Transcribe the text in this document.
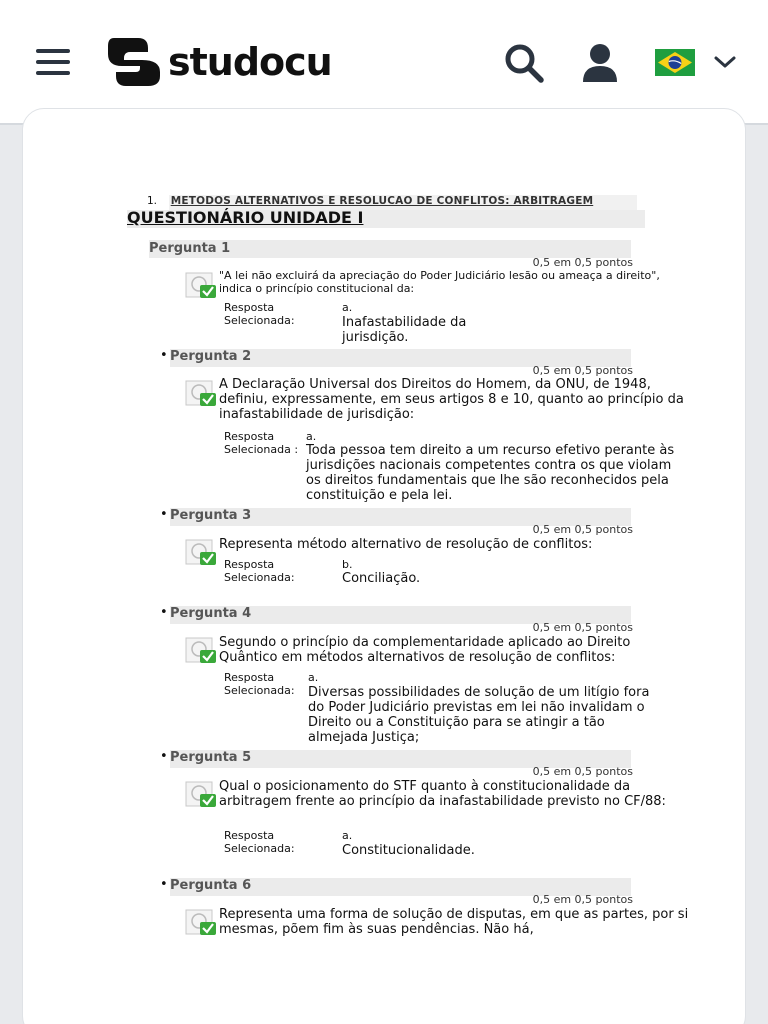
studocu
1. METODOS ALTERNATIVOS E RESOLUCAO DE CONFLITOS: ARBITRAGEM
QUESTIONÁRIO UNIDADE I
Pergunta 1
0,5 em 0,5 pontos
"A lei não excluirá da apreciação do Poder Judiciário lesão ou ameaça a direito", indica o princípio constitucional da:
Resposta Selecionada:
a.
Inafastabilidade da jurisdição.
• Pergunta 2
0,5 em 0,5 pontos
A Declaração Universal dos Direitos do Homem, da ONU, de 1948, definiu, expressamente, em seus artigos 8 e 10, quanto ao princípio da inafastabilidade de jurisdição:
Resposta Selecionada :
a.
Toda pessoa tem direito a um recurso efetivo perante às jurisdições nacionais competentes contra os que violam os direitos fundamentais que lhe são reconhecidos pela constituição e pela lei.
• Pergunta 3
0,5 em 0,5 pontos
Representa método alternativo de resolução de conflitos:
Resposta Selecionada:
b.
Conciliação.
• Pergunta 4
0,5 em 0,5 pontos
Segundo o princípio da complementaridade aplicado ao Direito Quântico em métodos alternativos de resolução de conflitos:
Resposta Selecionada:
a.
Diversas possibilidades de solução de um litígio fora do Poder Judiciário previstas em lei não invalidam o Direito ou a Constituição para se atingir a tão almejada Justiça;
• Pergunta 5
0,5 em 0,5 pontos
Qual o posicionamento do STF quanto à constitucionalidade da arbitragem frente ao princípio da inafastabilidade previsto no CF/88:
Resposta Selecionada:
a.
Constitucionalidade.
• Pergunta 6
0,5 em 0,5 pontos
Representa uma forma de solução de disputas, em que as partes, por si mesmas, põem fim às suas pendências. Não há,
